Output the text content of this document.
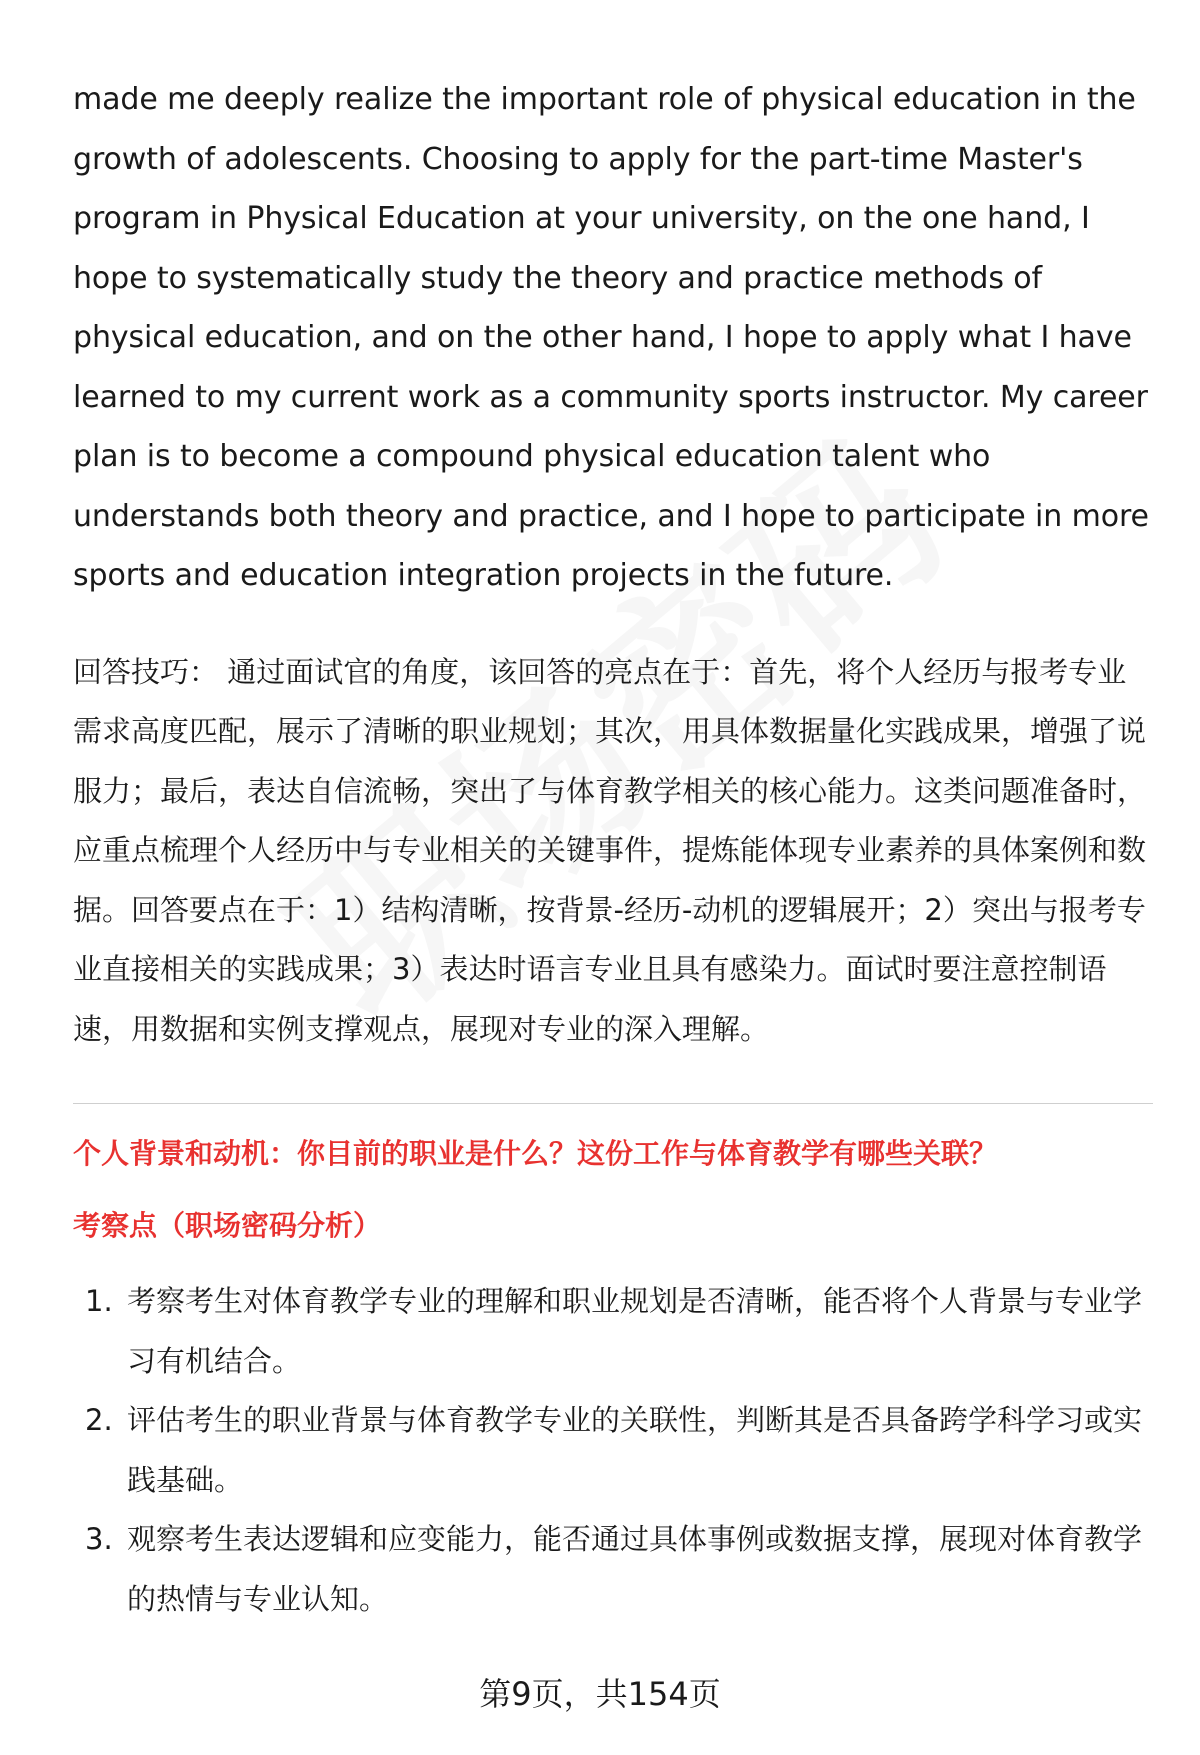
made me deeply realize the important role of physical education in the growth of adolescents. Choosing to apply for the part-time Master's program in Physical Education at your university, on the one hand, I hope to systematically study the theory and practice methods of physical education, and on the other hand, I hope to apply what I have learned to my current work as a community sports instructor. My career plan is to become a compound physical education talent who understands both theory and practice, and I hope to participate in more sports and education integration projects in the future.

回答技巧： 通过面试官的角度，该回答的亮点在于：首先，将个人经历与报考专业需求高度匹配，展示了清晰的职业规划；其次，用具体数据量化实践成果，增强了说服力；最后，表达自信流畅，突出了与体育教学相关的核心能力。这类问题准备时，应重点梳理个人经历中与专业相关的关键事件，提炼能体现专业素养的具体案例和数据。回答要点在于：1）结构清晰，按背景-经历-动机的逻辑展开；2）突出与报考专业直接相关的实践成果；3）表达时语言专业且具有感染力。面试时要注意控制语速，用数据和实例支撑观点，展现对专业的深入理解。

个人背景和动机：你目前的职业是什么？这份工作与体育教学有哪些关联？
考察点（职场密码分析）
1. 考察考生对体育教学专业的理解和职业规划是否清晰，能否将个人背景与专业学习有机结合。
2. 评估考生的职业背景与体育教学专业的关联性，判断其是否具备跨学科学习或实践基础。
3. 观察考生表达逻辑和应变能力，能否通过具体事例或数据支撑，展现对体育教学的热情与专业认知。
第9页，共154页
